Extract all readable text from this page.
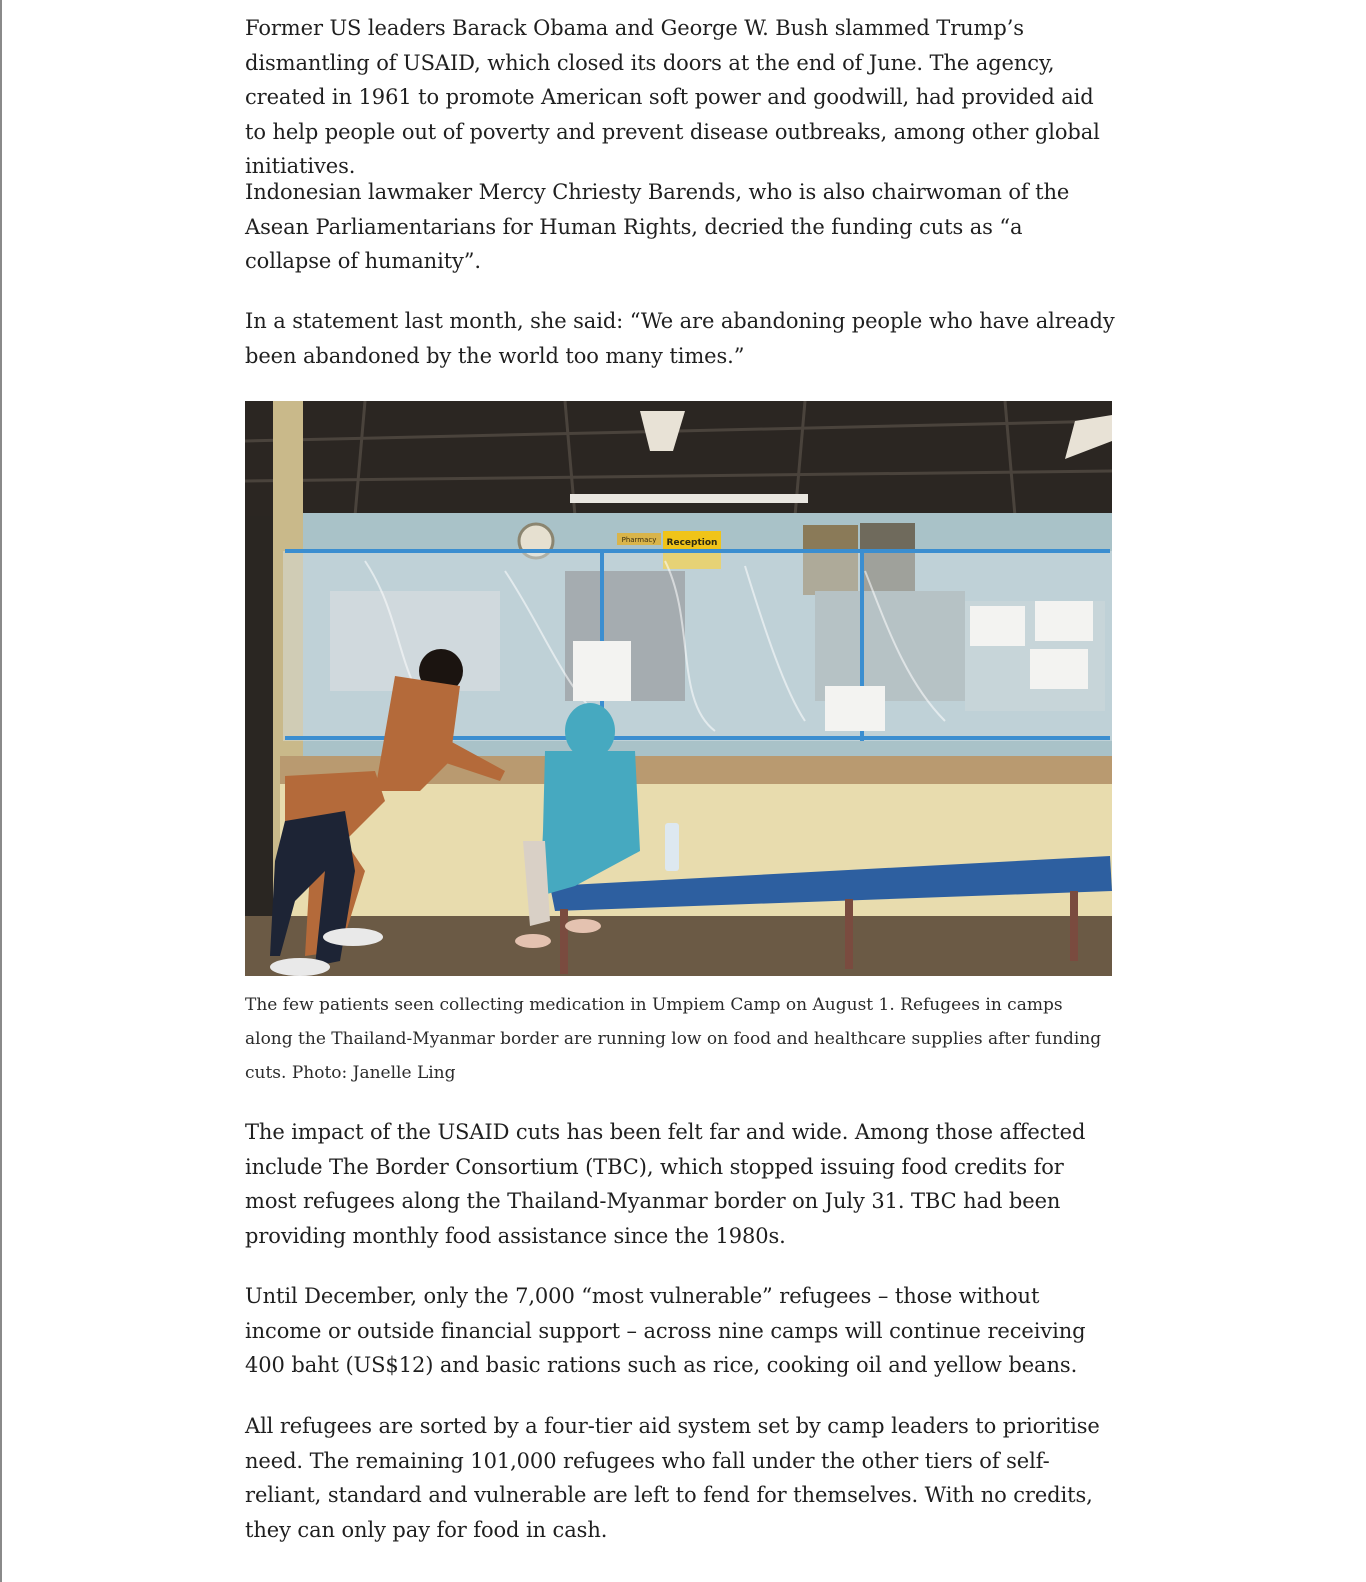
Former US leaders Barack Obama and George W. Bush slammed Trump’s dismantling of USAID, which closed its doors at the end of June. The agency, created in 1961 to promote American soft power and goodwill, had provided aid to help people out of poverty and prevent disease outbreaks, among other global initiatives.

Indonesian lawmaker Mercy Chriesty Barends, who is also chairwoman of the Asean Parliamentarians for Human Rights, decried the funding cuts as “a collapse of humanity”.

In a statement last month, she said: “We are abandoning people who have already been abandoned by the world too many times.”

Pharmacy Reception
The few patients seen collecting medication in Umpiem Camp on August 1. Refugees in camps along the Thailand-Myanmar border are running low on food and healthcare supplies after funding cuts. Photo: Janelle Ling

The impact of the USAID cuts has been felt far and wide. Among those affected include The Border Consortium (TBC), which stopped issuing food credits for most refugees along the Thailand-Myanmar border on July 31. TBC had been providing monthly food assistance since the 1980s.

Until December, only the 7,000 “most vulnerable” refugees – those without income or outside financial support – across nine camps will continue receiving 400 baht (US$12) and basic rations such as rice, cooking oil and yellow beans.

All refugees are sorted by a four-tier aid system set by camp leaders to prioritise need. The remaining 101,000 refugees who fall under the other tiers of self-reliant, standard and vulnerable are left to fend for themselves. With no credits, they can only pay for food in cash.
